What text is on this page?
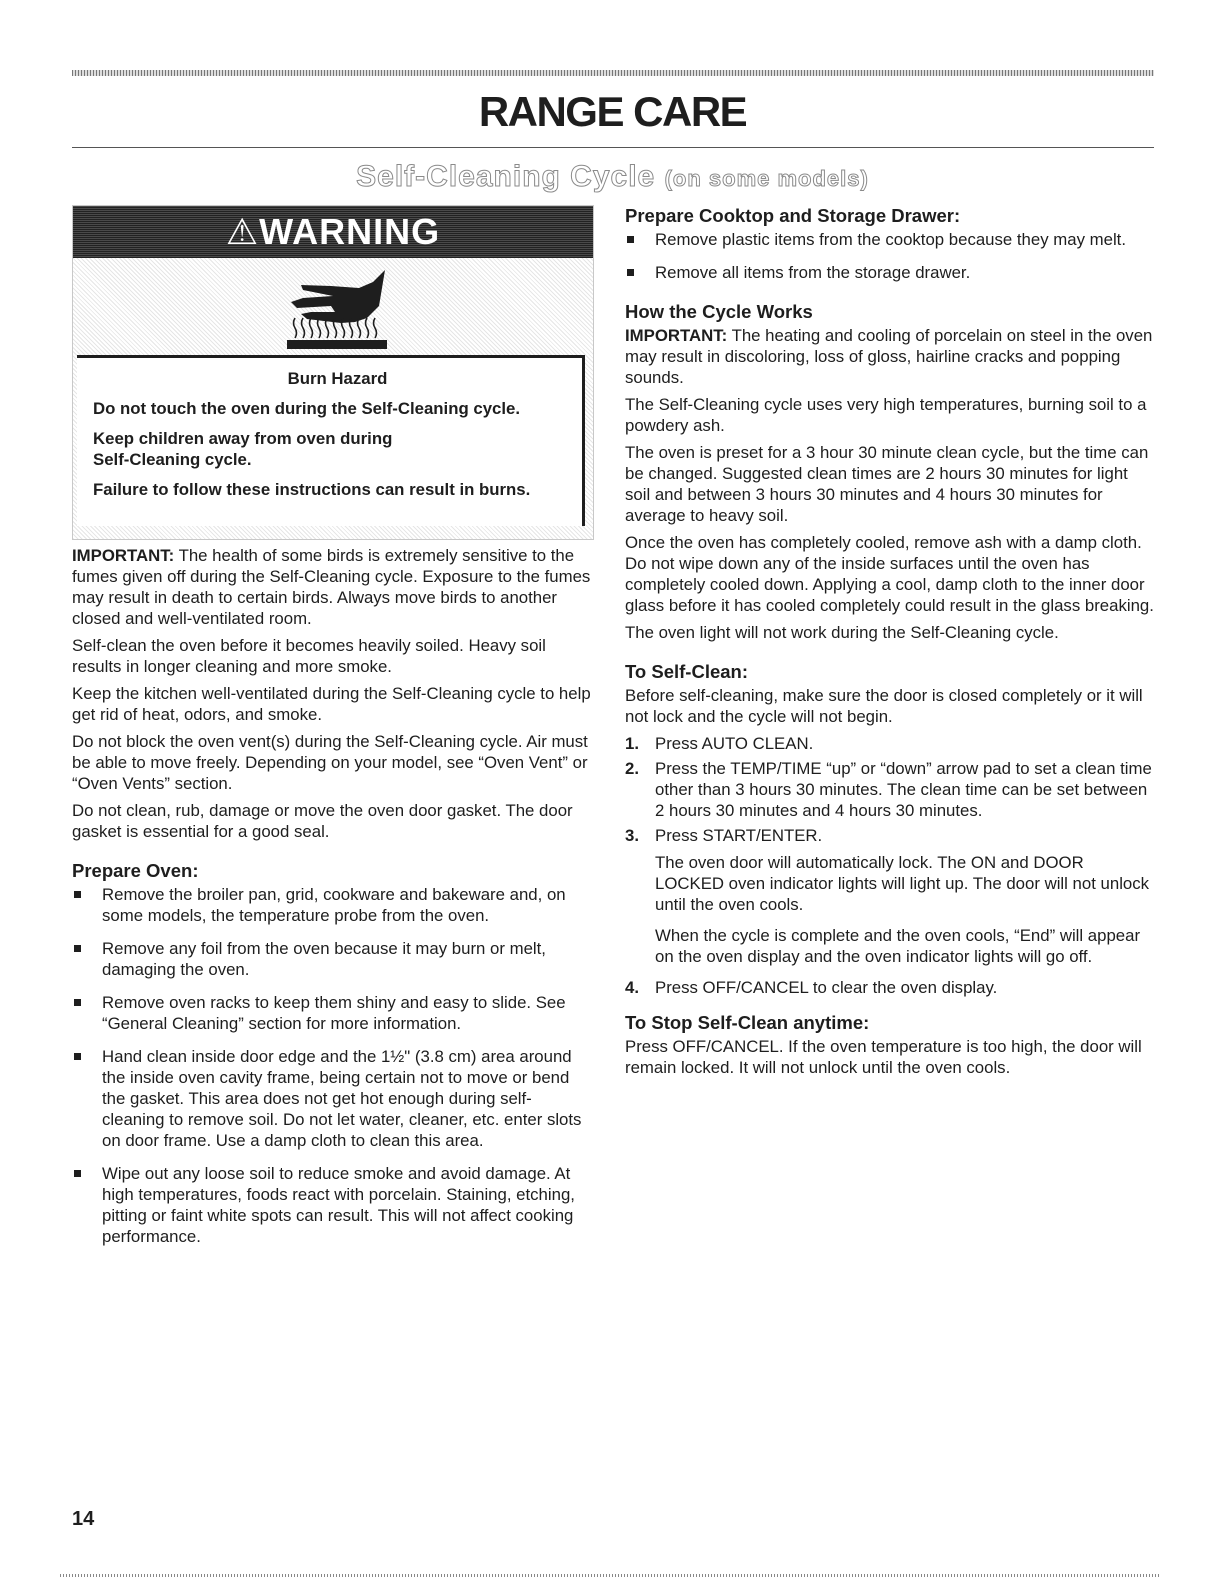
RANGE CARE
Self-Cleaning Cycle (on some models)
⚠WARNING

Burn Hazard

Do not touch the oven during the Self-Cleaning cycle.

Keep children away from oven during Self-Cleaning cycle.

Failure to follow these instructions can result in burns.

IMPORTANT: The health of some birds is extremely sensitive to the fumes given off during the Self-Cleaning cycle. Exposure to the fumes may result in death to certain birds. Always move birds to another closed and well-ventilated room.

Self-clean the oven before it becomes heavily soiled. Heavy soil results in longer cleaning and more smoke.

Keep the kitchen well-ventilated during the Self-Cleaning cycle to help get rid of heat, odors, and smoke.

Do not block the oven vent(s) during the Self-Cleaning cycle. Air must be able to move freely. Depending on your model, see “Oven Vent” or “Oven Vents” section.

Do not clean, rub, damage or move the oven door gasket. The door gasket is essential for a good seal.

Prepare Oven:
Remove the broiler pan, grid, cookware and bakeware and, on some models, the temperature probe from the oven.
Remove any foil from the oven because it may burn or melt, damaging the oven.
Remove oven racks to keep them shiny and easy to slide. See “General Cleaning” section for more information.
Hand clean inside door edge and the 1½" (3.8 cm) area around the inside oven cavity frame, being certain not to move or bend the gasket. This area does not get hot enough during self-cleaning to remove soil. Do not let water, cleaner, etc. enter slots on door frame. Use a damp cloth to clean this area.
Wipe out any loose soil to reduce smoke and avoid damage. At high temperatures, foods react with porcelain. Staining, etching, pitting or faint white spots can result. This will not affect cooking performance.
Prepare Cooktop and Storage Drawer:
Remove plastic items from the cooktop because they may melt.
Remove all items from the storage drawer.
How the Cycle Works

IMPORTANT: The heating and cooling of porcelain on steel in the oven may result in discoloring, loss of gloss, hairline cracks and popping sounds.

The Self-Cleaning cycle uses very high temperatures, burning soil to a powdery ash.

The oven is preset for a 3 hour 30 minute clean cycle, but the time can be changed. Suggested clean times are 2 hours 30 minutes for light soil and between 3 hours 30 minutes and 4 hours 30 minutes for average to heavy soil.

Once the oven has completely cooled, remove ash with a damp cloth. Do not wipe down any of the inside surfaces until the oven has completely cooled down. Applying a cool, damp cloth to the inner door glass before it has cooled completely could result in the glass breaking.

The oven light will not work during the Self-Cleaning cycle.

To Self-Clean:

Before self-cleaning, make sure the door is closed completely or it will not lock and the cycle will not begin.

1. Press AUTO CLEAN.
2. Press the TEMP/TIME “up” or “down” arrow pad to set a clean time other than 3 hours 30 minutes. The clean time can be set between 2 hours 30 minutes and 4 hours 30 minutes.
3. Press START/ENTER.

The oven door will automatically lock. The ON and DOOR LOCKED oven indicator lights will light up. The door will not unlock until the oven cools.

When the cycle is complete and the oven cools, “End” will appear on the oven display and the oven indicator lights will go off.

4. Press OFF/CANCEL to clear the oven display.
To Stop Self-Clean anytime:

Press OFF/CANCEL. If the oven temperature is too high, the door will remain locked. It will not unlock until the oven cools.

14
